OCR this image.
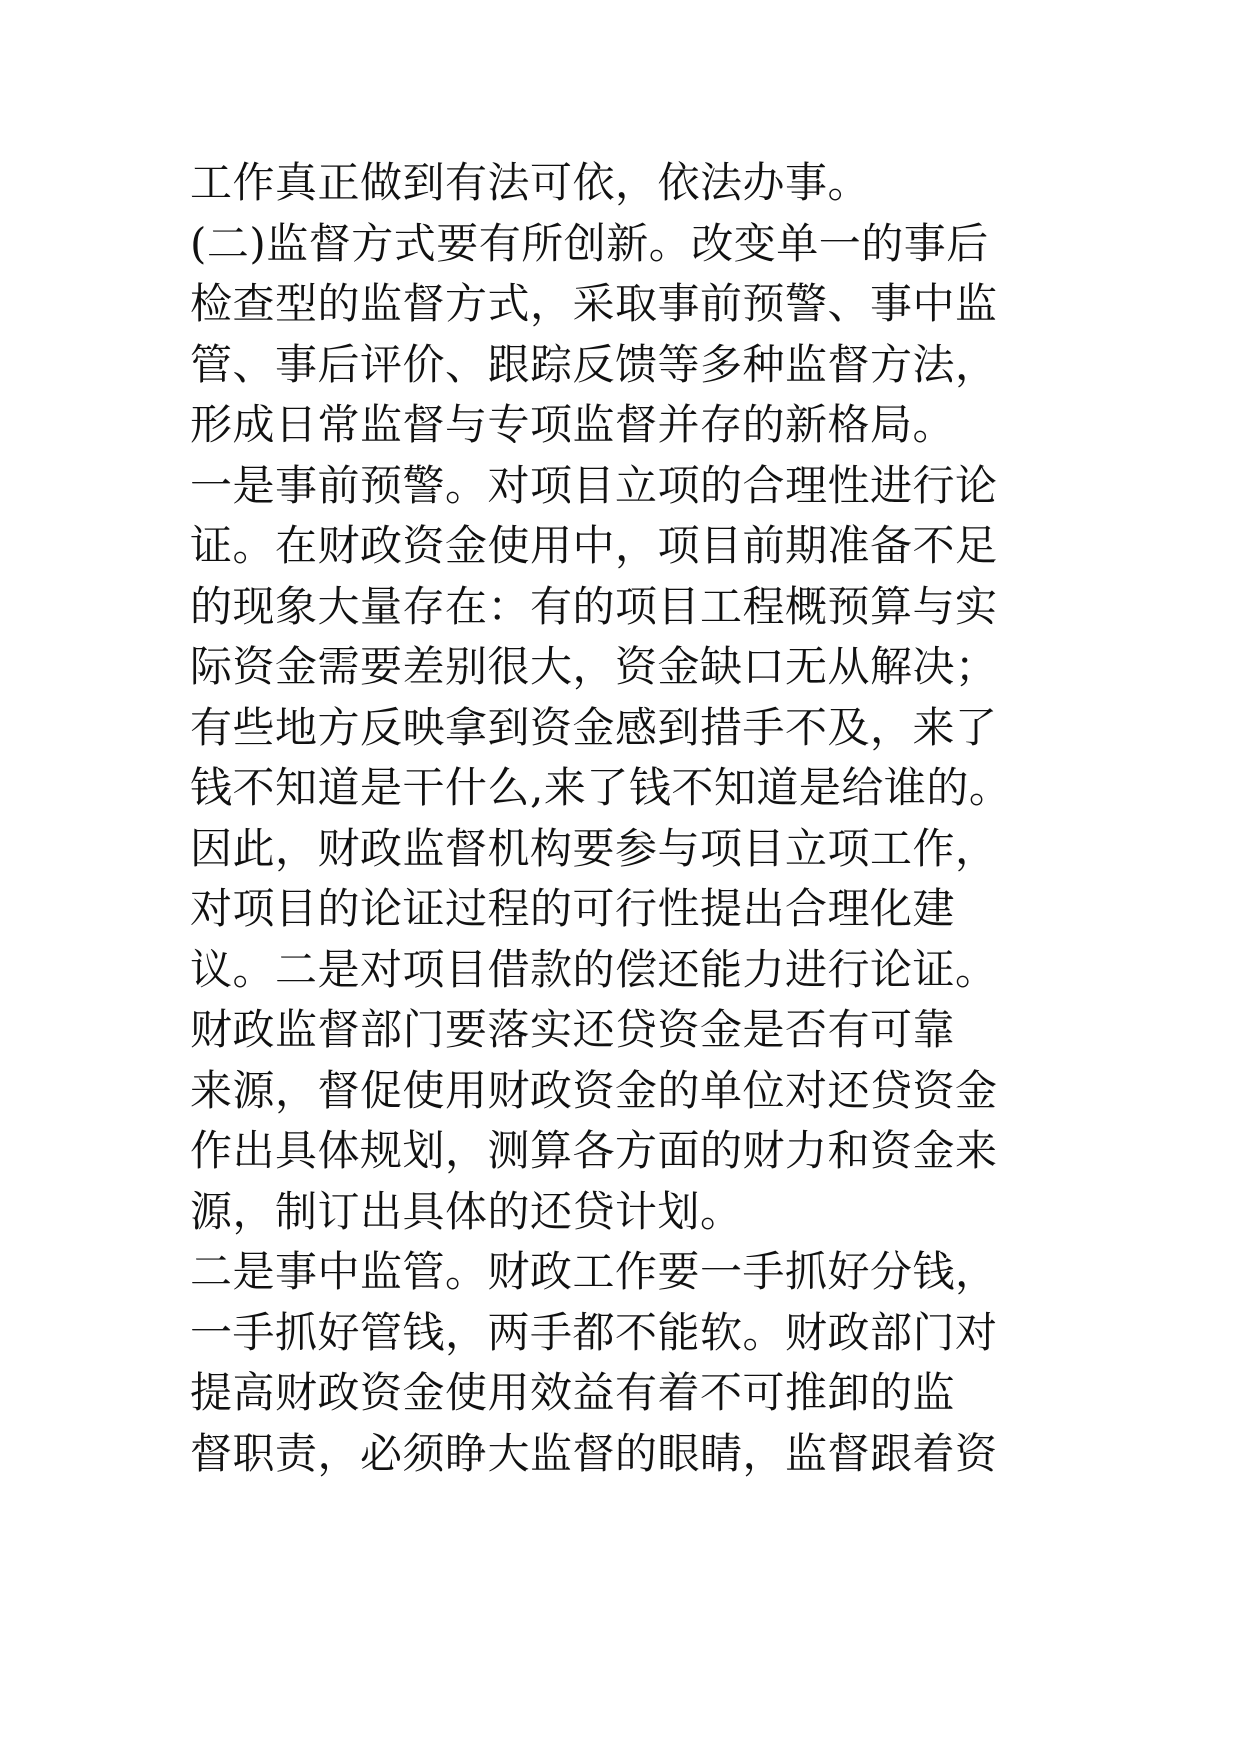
工作真正做到有法可依，依法办事。
(二)监督方式要有所创新。改变单一的事后
检查型的监督方式，采取事前预警、事中监
管、事后评价、跟踪反馈等多种监督方法，
形成日常监督与专项监督并存的新格局。
一是事前预警。对项目立项的合理性进行论
证。在财政资金使用中，项目前期准备不足
的现象大量存在：有的项目工程概预算与实
际资金需要差别很大，资金缺口无从解决；
有些地方反映拿到资金感到措手不及，来了
钱不知道是干什么,来了钱不知道是给谁的。
因此，财政监督机构要参与项目立项工作，
对项目的论证过程的可行性提出合理化建
议。二是对项目借款的偿还能力进行论证。
财政监督部门要落实还贷资金是否有可靠
来源，督促使用财政资金的单位对还贷资金
作出具体规划，测算各方面的财力和资金来
源，制订出具体的还贷计划。
二是事中监管。财政工作要一手抓好分钱，
一手抓好管钱，两手都不能软。财政部门对
提高财政资金使用效益有着不可推卸的监
督职责，必须睁大监督的眼睛，监督跟着资
